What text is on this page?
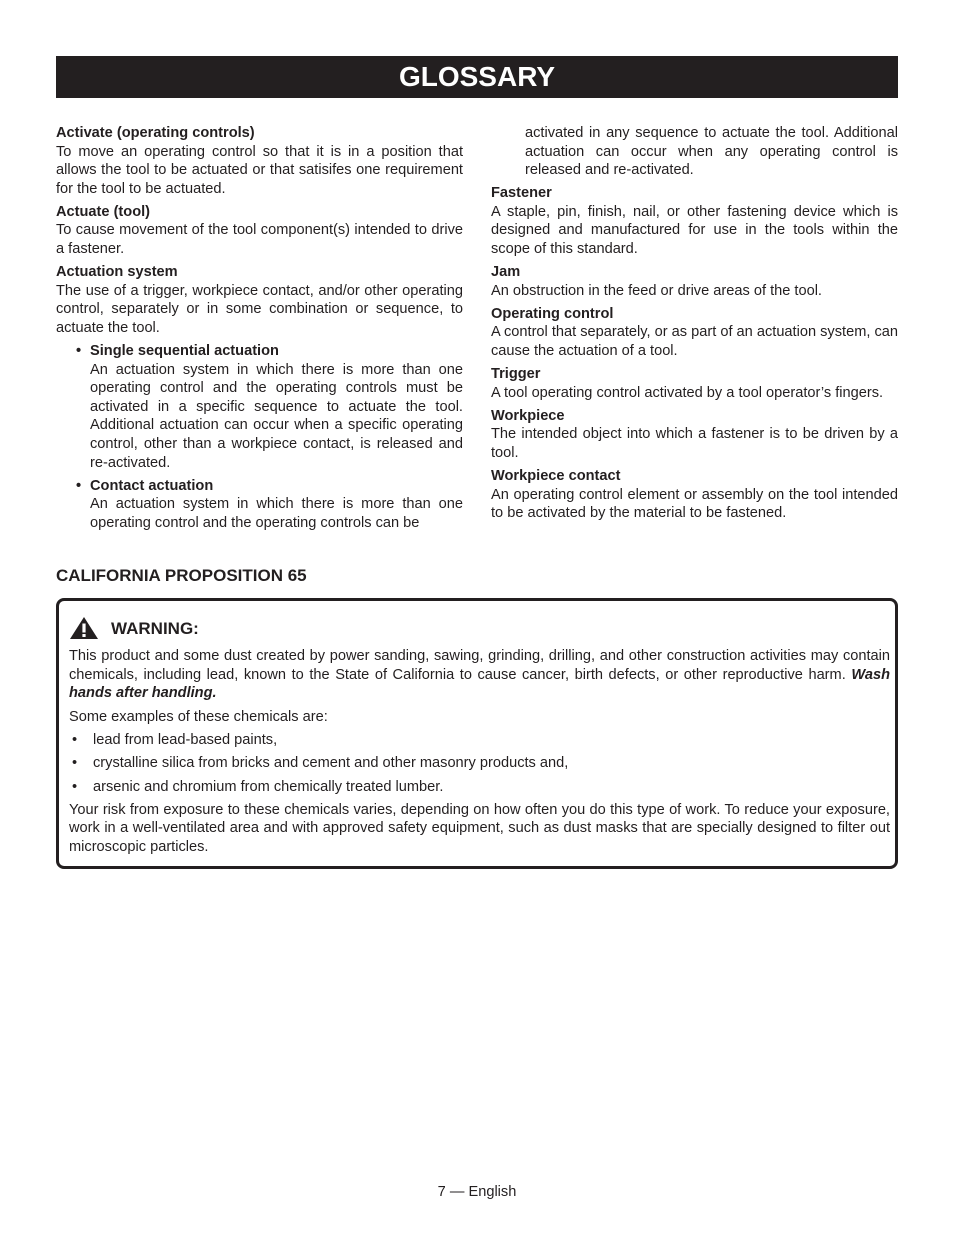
GLOSSARY

Activate (operating controls)

To move an operating control so that it is in a position that allows the tool to be actuated or that satisifes one requirement for the tool to be actuated.

Actuate (tool)

To cause movement of the tool component(s) intended to drive a fastener.

Actuation system

The use of a trigger, workpiece contact, and/or other operating control, separately or in some combination or sequence, to actuate the tool.

• Single sequential actuation

An actuation system in which there is more than one operating control and the operating controls must be activated in a specific sequence to actuate the tool. Additional actuation can occur when a specific operating control, other than a workpiece contact, is released and re-activated.

• Contact actuation

An actuation system in which there is more than one operating control and the operating controls can be

activated in any sequence to actuate the tool. Additional actuation can occur when any operating control is released and re-activated.

Fastener

A staple, pin, finish, nail, or other fastening device which is designed and manufactured for use in the tools within the scope of this standard.

Jam

An obstruction in the feed or drive areas of the tool.

Operating control

A control that separately, or as part of an actuation system, can cause the actuation of a tool.

Trigger

A tool operating control activated by a tool operator’s fingers.

Workpiece

The intended object into which a fastener is to be driven by a tool.

Workpiece contact

An operating control element or assembly on the tool intended to be activated by the material to be fastened.

CALIFORNIA PROPOSITION 65
WARNING:

This product and some dust created by power sanding, sawing, grinding, drilling, and other construction activities may contain chemicals, including lead, known to the State of California to cause cancer, birth defects, or other reproductive harm. Wash hands after handling.

Some examples of these chemicals are:

• lead from lead-based paints,

• crystalline silica from bricks and cement and other masonry products and,

• arsenic and chromium from chemically treated lumber.

Your risk from exposure to these chemicals varies, depending on how often you do this type of work. To reduce your exposure, work in a well-ventilated area and with approved safety equipment, such as dust masks that are specially designed to filter out microscopic particles.

7 — English
